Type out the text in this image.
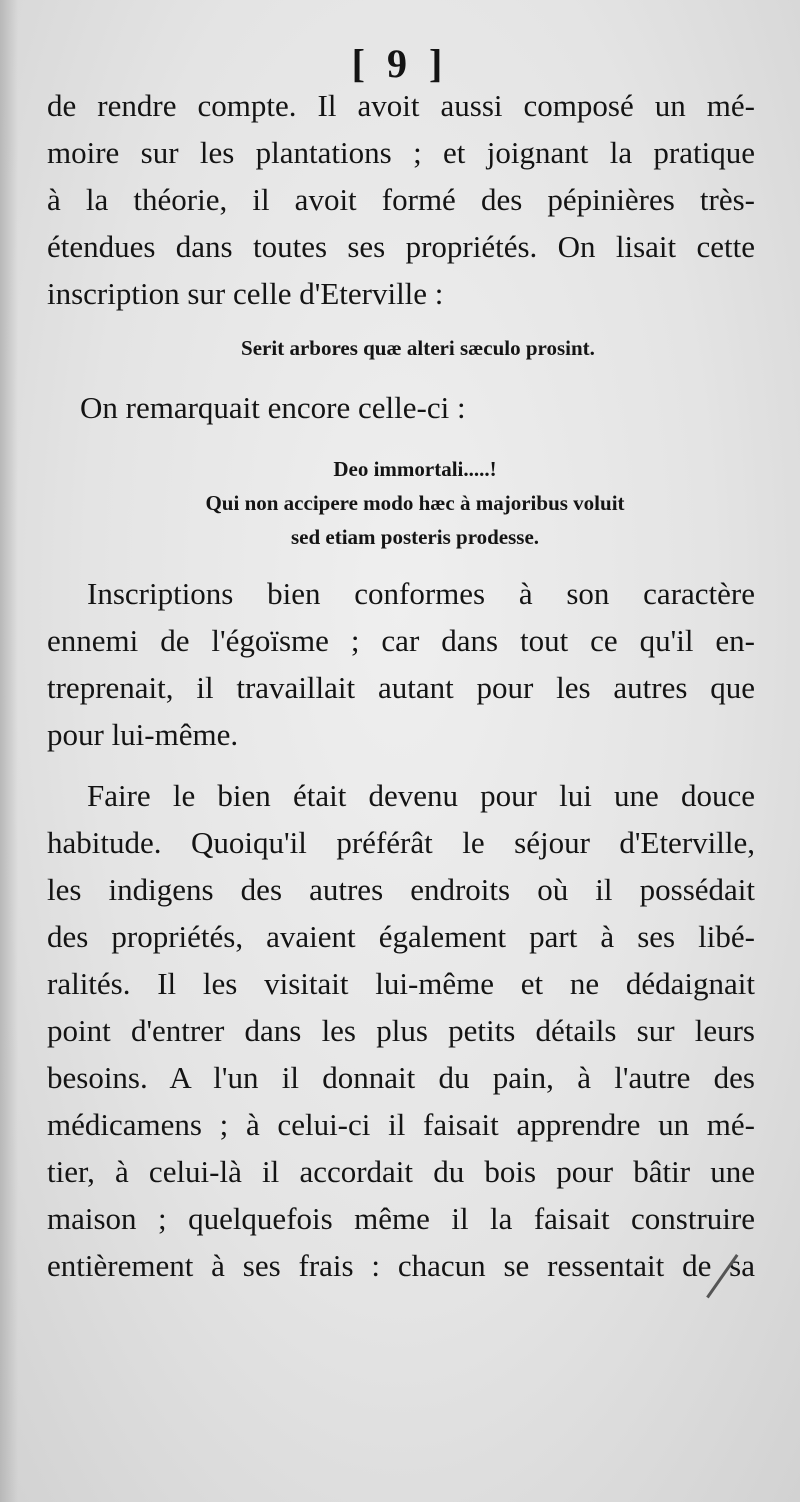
[ 9 ]
de rendre compte. Il avoit aussi composé un mé-
moire sur les plantations ; et joignant la pratique
à la théorie, il avoit formé des pépinières très-
étendues dans toutes ses propriétés. On lisait cette
inscription sur celle d'Eterville :
Serit arbores quæ alteri sæculo prosint.
On remarquait encore celle-ci :
Deo immortali.....!
Qui non accipere modo hæc à majoribus voluit
sed etiam posteris prodesse.
Inscriptions bien conformes à son caractère
ennemi de l'égoïsme ; car dans tout ce qu'il en-
treprenait, il travaillait autant pour les autres que
pour lui-même.
Faire le bien était devenu pour lui une douce
habitude. Quoiqu'il préférât le séjour d'Eterville,
les indigens des autres endroits où il possédait
des propriétés, avaient également part à ses libé-
ralités. Il les visitait lui-même et ne dédaignait
point d'entrer dans les plus petits détails sur leurs
besoins. A l'un il donnait du pain, à l'autre des
médicamens ; à celui-ci il faisait apprendre un mé-
tier, à celui-là il accordait du bois pour bâtir une
maison ; quelquefois même il la faisait construire
entièrement à ses frais : chacun se ressentait de sa
